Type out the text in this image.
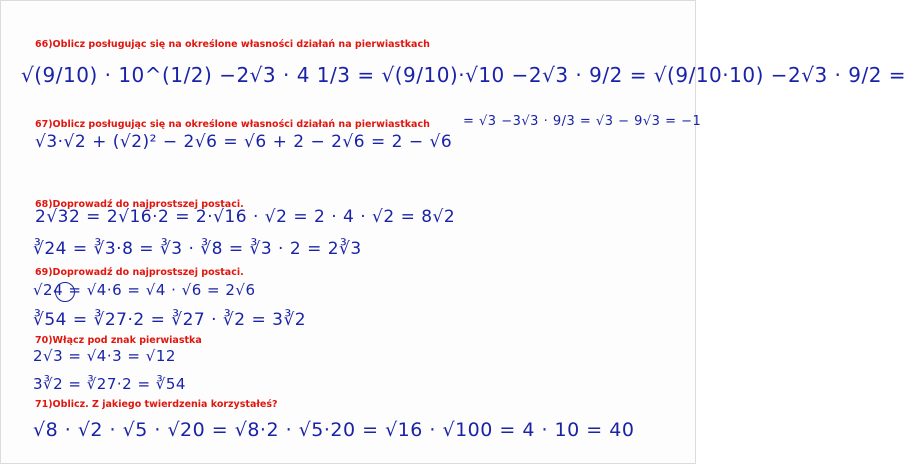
66)Oblicz posługując się na określone własności działań na pierwiastkach

√(9/10) · 10^(1/2) −2√3 · 4 1/3 = √(9/10)·√10 −2√3 · 9/2 = √(9/10·10) −2√3 · 9/2 =
= √3 −3√3 · 9/3 = √3 − 9√3 = −1

67)Oblicz posługując się na określone własności działań na pierwiastkach

√3·√2 + (√2)² − 2√6 = √6 + 2 − 2√6 = 2 − √6

68)Doprowadź do najprostszej postaci.

2√32 = 2√16·2 = 2·√16 · √2 = 2 · 4 · √2 = 8√2
∛24 = ∛3·8 = ∛3 · ∛8 = ∛3 · 2 = 2∛3

69)Doprowadź do najprostszej postaci.

√24 = √4·6 = √4 · √6 = 2√6
∛54 = ∛27·2 = ∛27 · ∛2 = 3∛2

70)Włącz pod znak pierwiastka

2√3 = √4·3 = √12
3∛2 = ∛27·2 = ∛54

71)Oblicz. Z jakiego twierdzenia korzystałeś?

√8 · √2 · √5 · √20 = √8·2 · √5·20 = √16 · √100 = 4 · 10 = 40
